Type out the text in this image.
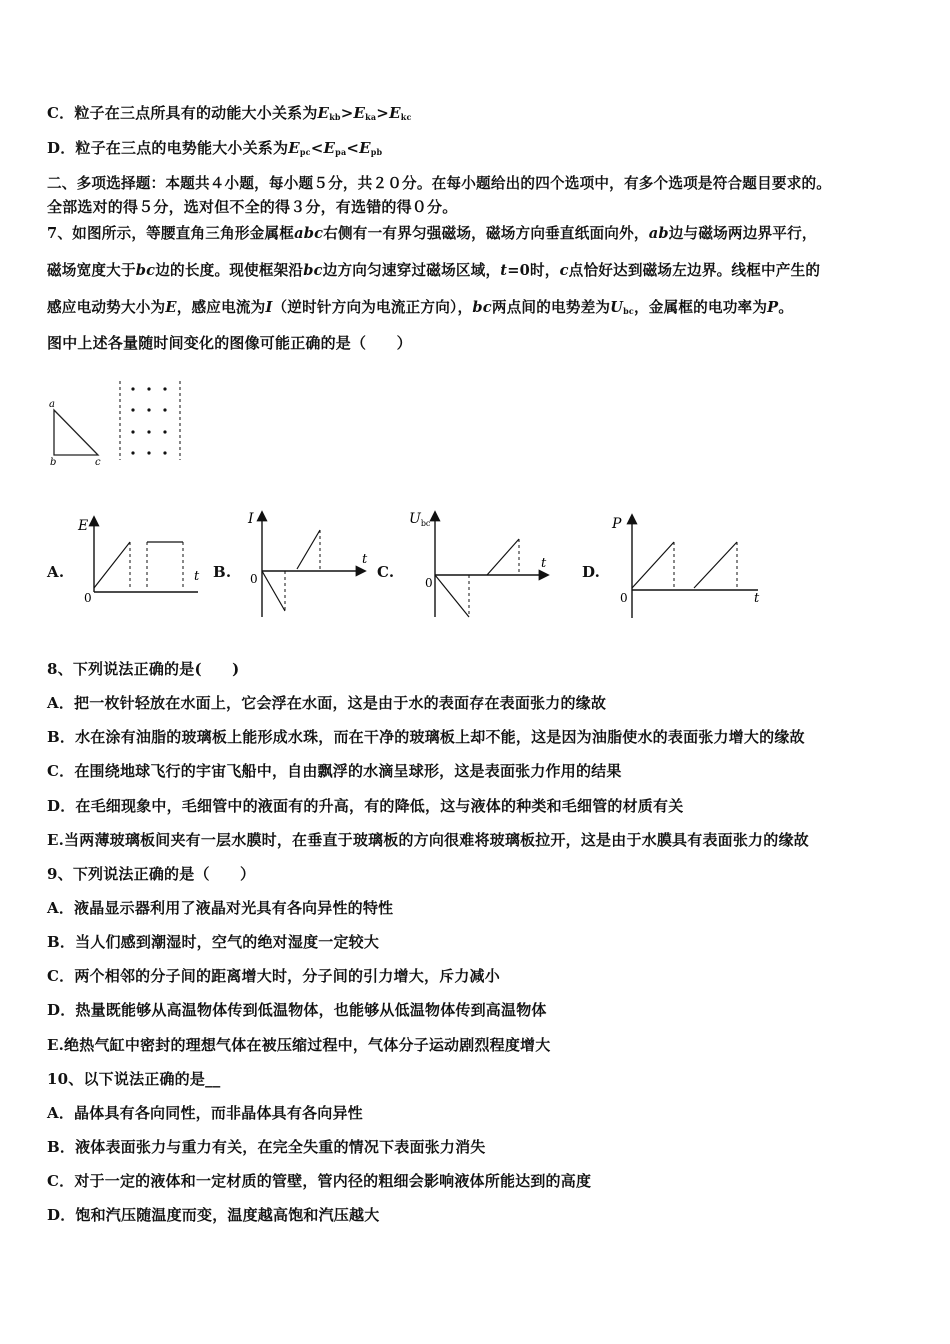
C．粒子在三点所具有的动能大小关系为$E_{kb}>E_{ka}>E_{kc}$
D．粒子在三点的电势能大小关系为$E_{pc}<E_{pa}<E_{pb}$
二、多项选择题：本题共４小题，每小题５分，共２０分。在每小题给出的四个选项中，有多个选项是符合题目要求的。
全部选对的得５分，选对但不全的得３分，有选错的得０分。
7、如图所示，等腰直角三角形金属框abc右侧有一有界匀强磁场，磁场方向垂直纸面向外，ab边与磁场两边界平行，
磁场宽度大于bc边的长度。现使框架沿bc边方向匀速穿过磁场区域，t=0时，c点恰好达到磁场左边界。线框中产生的
感应电动势大小为E，感应电流为I（逆时针方向为电流正方向），bc两点间的电势差为$U_{bc}$，金属框的电功率为P。
图中上述各量随时间变化的图像可能正确的是（　　）
a
b	c
A.
E
t
0
B.
I
t
0	C.
$U_{bc}$
t
0
D.
P
t
0
8、下列说法正确的是(　　)
A．把一枚针轻放在水面上，它会浮在水面，这是由于水的表面存在表面张力的缘故
B．水在涂有油脂的玻璃板上能形成水珠，而在干净的玻璃板上却不能，这是因为油脂使水的表面张力增大的缘故
C．在围绕地球飞行的宇宙飞船中，自由飘浮的水滴呈球形，这是表面张力作用的结果
D．在毛细现象中，毛细管中的液面有的升高，有的降低，这与液体的种类和毛细管的材质有关
E.当两薄玻璃板间夹有一层水膜时，在垂直于玻璃板的方向很难将玻璃板拉开，这是由于水膜具有表面张力的缘故
9、下列说法正确的是（　　）
A．液晶显示器利用了液晶对光具有各向异性的特性
B．当人们感到潮湿时，空气的绝对湿度一定较大
C．两个相邻的分子间的距离增大时，分子间的引力增大，斥力减小
D．热量既能够从高温物体传到低温物体，也能够从低温物体传到高温物体
E.绝热气缸中密封的理想气体在被压缩过程中，气体分子运动剧烈程度增大
10、以下说法正确的是__
A．晶体具有各向同性，而非晶体具有各向异性
B．液体表面张力与重力有关，在完全失重的情况下表面张力消失
C．对于一定的液体和一定材质的管壁，管内径的粗细会影响液体所能达到的高度
D．饱和汽压随温度而变，温度越高饱和汽压越大
